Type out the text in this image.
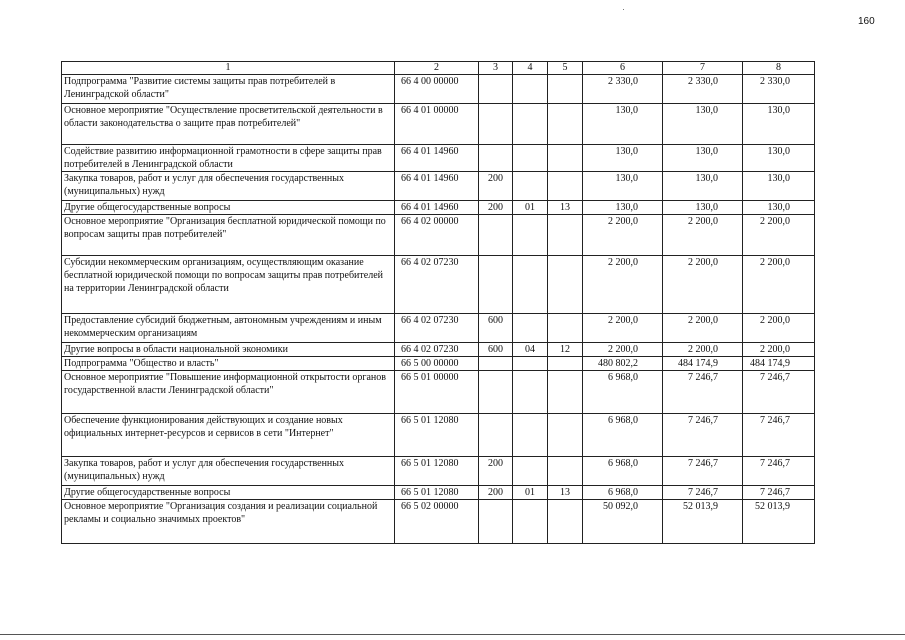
160
1	2	3	4	5	6	7	8
Подпрограмма "Развитие системы защиты прав потребителей в Ленинградской области"	66 4 00 00000				2 330,0	2 330,0	2 330,0
Основное мероприятие "Осуществление просветительской деятельности в области законодательства о защите прав потребителей"	66 4 01 00000				130,0	130,0	130,0
Содействие развитию информационной грамотности в сфере защиты прав потребителей в Ленинградской области	66 4 01 14960				130,0	130,0	130,0
Закупка товаров, работ и услуг для обеспечения государственных (муниципальных) нужд	66 4 01 14960	200			130,0	130,0	130,0
Другие общегосударственные вопросы	66 4 01 14960	200	01	13	130,0	130,0	130,0
Основное мероприятие "Организация бесплатной юридической помощи по вопросам защиты прав потребителей"	66 4 02 00000				2 200,0	2 200,0	2 200,0
Субсидии некоммерческим организациям, осуществляющим оказание бесплатной юридической помощи по вопросам защиты прав потребителей на территории Ленинградской области	66 4 02 07230				2 200,0	2 200,0	2 200,0
Предоставление субсидий бюджетным, автономным учреждениям и иным некоммерческим организациям	66 4 02 07230	600			2 200,0	2 200,0	2 200,0
Другие вопросы в области национальной экономики	66 4 02 07230	600	04	12	2 200,0	2 200,0	2 200,0
Подпрограмма "Общество и власть"	66 5 00 00000				480 802,2	484 174,9	484 174,9
Основное мероприятие "Повышение информационной открытости органов государственной власти Ленинградской области"	66 5 01 00000				6 968,0	7 246,7	7 246,7
Обеспечение функционирования действующих и создание новых официальных интернет-ресурсов и сервисов в сети "Интернет"	66 5 01 12080				6 968,0	7 246,7	7 246,7
Закупка товаров, работ и услуг для обеспечения государственных (муниципальных) нужд	66 5 01 12080	200			6 968,0	7 246,7	7 246,7
Другие общегосударственные вопросы	66 5 01 12080	200	01	13	6 968,0	7 246,7	7 246,7
Основное мероприятие "Организация создания и реализации социальной рекламы и социально значимых проектов"	66 5 02 00000				50 092,0	52 013,9	52 013,9
